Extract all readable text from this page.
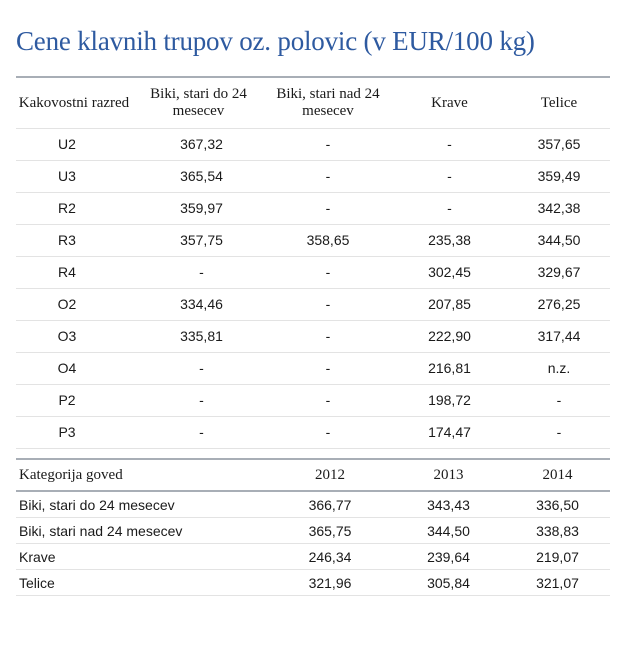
Cene klavnih trupov oz. polovic (v EUR/100 kg)
Kakovostni razred	Biki, stari do 24 mesecev	Biki, stari nad 24 mesecev	Krave	Telice
U2	367,32	-	-	357,65
U3	365,54	-	-	359,49
R2	359,97	-	-	342,38
R3	357,75	358,65	235,38	344,50
R4	-	-	302,45	329,67
O2	334,46	-	207,85	276,25
O3	335,81	-	222,90	317,44
O4	-	-	216,81	n.z.
P2	-	-	198,72	-
P3	-	-	174,47	-
Kategorija goved	2012	2013	2014
Biki, stari do 24 mesecev	366,77	343,43	336,50
Biki, stari nad 24 mesecev	365,75	344,50	338,83
Krave	246,34	239,64	219,07
Telice	321,96	305,84	321,07
